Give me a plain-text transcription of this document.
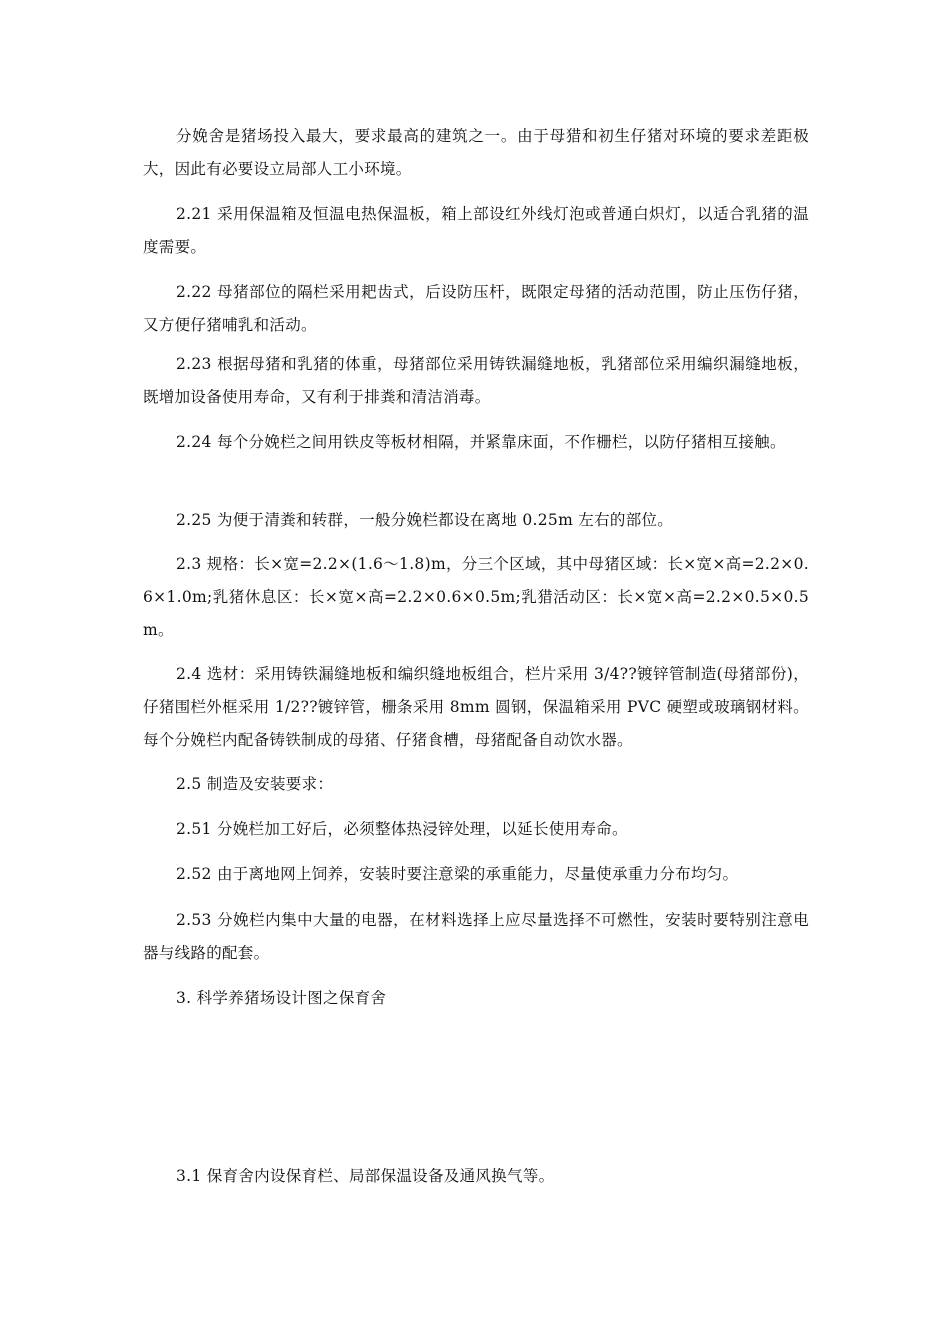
分娩舍是猪场投入最大，要求最高的建筑之一。由于母猎和初生仔猪对环境的要求差距极大，因此有必要设立局部人工小环境。

2.21 采用保温箱及恒温电热保温板，箱上部设红外线灯泡或普通白炽灯，以适合乳猪的温度需要。

2.22 母猪部位的隔栏采用耙齿式，后设防压杆，既限定母猪的活动范围，防止压伤仔猪，又方便仔猪哺乳和活动。

2.23 根据母猪和乳猪的体重，母猪部位采用铸铁漏缝地板，乳猪部位采用编织漏缝地板，既增加设备使用寿命，又有利于排粪和清洁消毒。

2.24 每个分娩栏之间用铁皮等板材相隔，并紧靠床面，不作栅栏，以防仔猪相互接触。

2.25 为便于清粪和转群，一般分娩栏都设在离地 0.25m 左右的部位。

2.3 规格：长×宽=2.2×(1.6～1.8)m，分三个区域，其中母猪区域：长×宽×高=2.2×0.6×1.0m;乳猪休息区：长×宽×高=2.2×0.6×0.5m;乳猎活动区：长×宽×高=2.2×0.5×0.5m。

2.4 选材：采用铸铁漏缝地板和编织缝地板组合，栏片采用 3/4??镀锌管制造(母猪部份)，仔猪围栏外框采用 1/2??镀锌管，栅条采用 8mm 圆钢，保温箱采用 PVC 硬塑或玻璃钢材料。每个分娩栏内配备铸铁制成的母猪、仔猪食槽，母猪配备自动饮水器。

2.5 制造及安装要求：

2.51 分娩栏加工好后，必须整体热浸锌处理，以延长使用寿命。

2.52 由于离地网上饲养，安装时要注意梁的承重能力，尽量使承重力分布均匀。

2.53 分娩栏内集中大量的电器，在材料选择上应尽量选择不可燃性，安装时要特别注意电器与线路的配套。

3. 科学养猪场设计图之保育舍

3.1 保育舍内设保育栏、局部保温设备及通风换气等。
